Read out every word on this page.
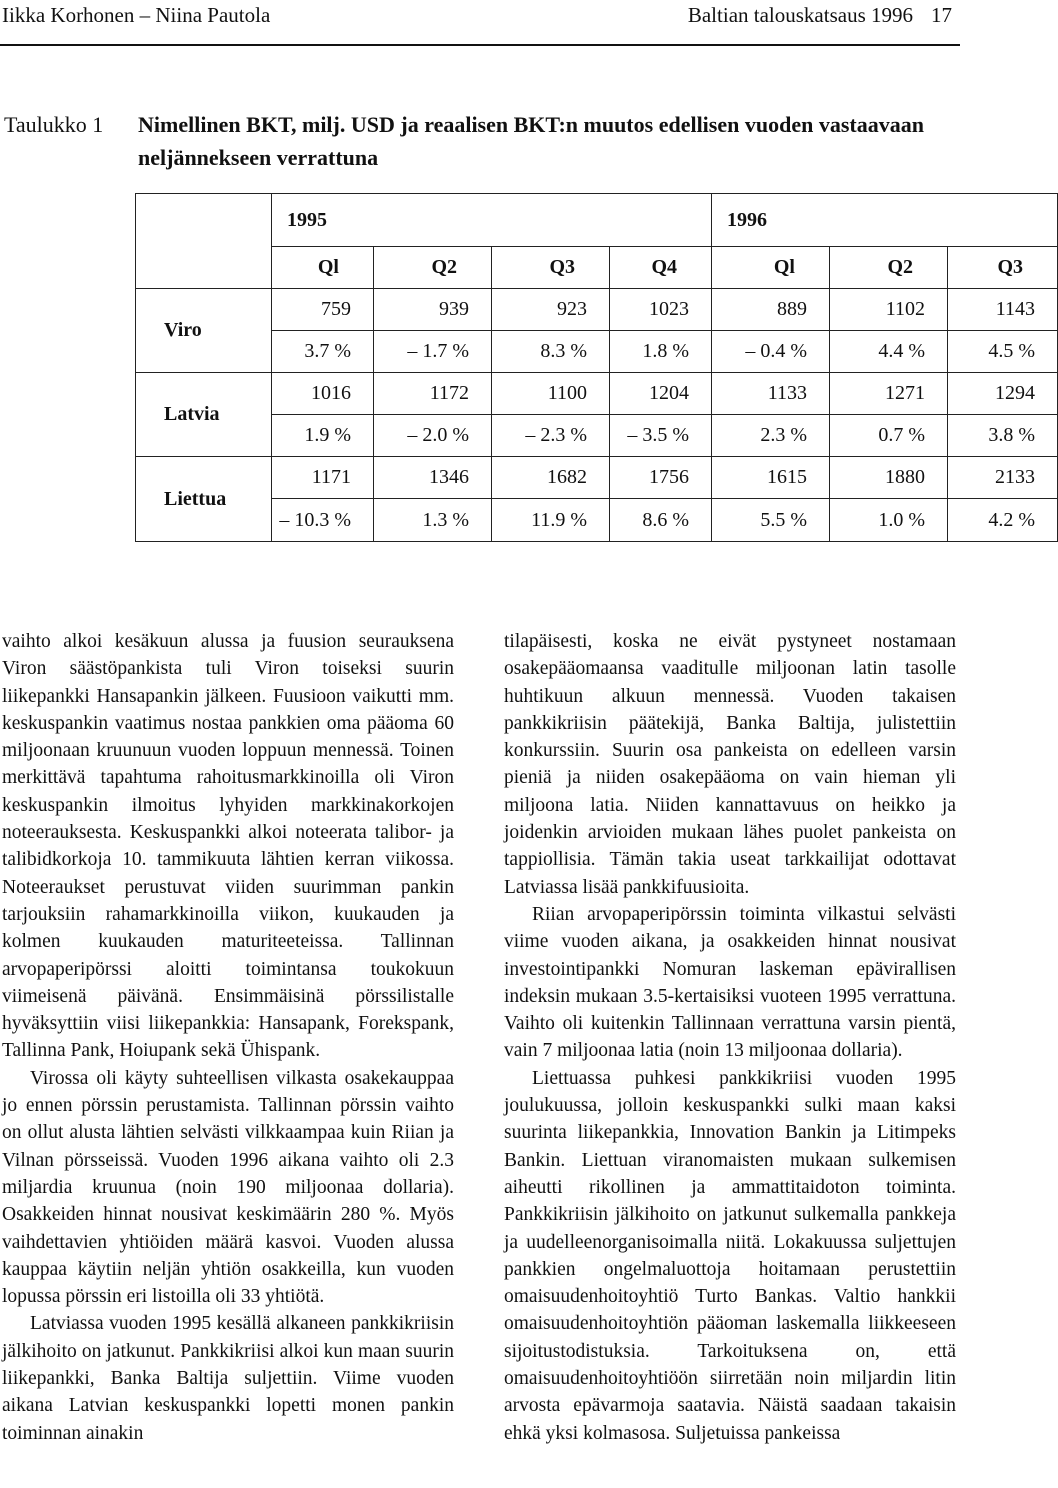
Iikka Korhonen – Niina Pautola	Baltian talouskatsaus 1996 17
Taulukko 1 Nimellinen BKT, milj. USD ja reaalisen BKT:n muutos edellisen vuoden vastaavaan neljännekseen verrattuna
	1995				1996		
	Ql	Q2	Q3	Q4	Ql	Q2	Q3
Viro	759	939	923	1023	889	1102	1143
	3.7 %	– 1.7 %	8.3 %	1.8 %	– 0.4 %	4.4 %	4.5 %
Latvia	1016	1172	1100	1204	1133	1271	1294
	1.9 %	– 2.0 %	– 2.3 %	– 3.5 %	2.3 %	0.7 %	3.8 %
Liettua	1171	1346	1682	1756	1615	1880	2133
	– 10.3 %	1.3 %	11.9 %	8.6 %	5.5 %	1.0 %	4.2 %

vaihto alkoi kesäkuun alussa ja fuusion seurauksena Viron säästöpankista tuli Viron toiseksi suurin liikepankki Hansapankin jälkeen. Fuusioon vaikutti mm. keskuspankin vaatimus nostaa pankkien oma pääoma 60 miljoonaan kruunuun vuoden loppuun mennessä. Toinen merkittävä tapahtuma rahoitusmarkkinoilla oli Viron keskuspankin ilmoitus lyhyiden markkinakorkojen noteerauksesta. Keskuspankki alkoi noteerata talibor- ja talibidkorkoja 10. tammikuuta lähtien kerran viikossa. Noteeraukset perustuvat viiden suurimman pankin tarjouksiin rahamarkkinoilla viikon, kuukauden ja kolmen kuukauden maturiteeteissa. Tallinnan arvopaperipörssi aloitti toimintansa toukokuun viimeisenä päivänä. Ensimmäisinä pörssilistalle hyväksyttiin viisi liikepankkia: Hansapank, Forekspank, Tallinna Pank, Hoiupank sekä Ühispank.

Virossa oli käyty suhteellisen vilkasta osakekauppaa jo ennen pörssin perustamista. Tallinnan pörssin vaihto on ollut alusta lähtien selvästi vilkkaampaa kuin Riian ja Vilnan pörsseissä. Vuoden 1996 aikana vaihto oli 2.3 miljardia kruunua (noin 190 miljoonaa dollaria). Osakkeiden hinnat nousivat keskimäärin 280 %. Myös vaihdettavien yhtiöiden määrä kasvoi. Vuoden alussa kauppaa käytiin neljän yhtiön osakkeilla, kun vuoden lopussa pörssin eri listoilla oli 33 yhtiötä.

Latviassa vuoden 1995 kesällä alkaneen pankkikriisin jälkihoito on jatkunut. Pankkikriisi alkoi kun maan suurin liikepankki, Banka Baltija suljettiin. Viime vuoden aikana Latvian keskuspankki lopetti monen pankin toiminnan ainakin

tilapäisesti, koska ne eivät pystyneet nostamaan osakepääomaansa vaaditulle miljoonan latin tasolle huhtikuun alkuun mennessä. Vuoden takaisen pankkikriisin päätekijä, Banka Baltija, julistettiin konkurssiin. Suurin osa pankeista on edelleen varsin pieniä ja niiden osakepääoma on vain hieman yli miljoona latia. Niiden kannattavuus on heikko ja joidenkin arvioiden mukaan lähes puolet pankeista on tappiollisia. Tämän takia useat tarkkailijat odottavat Latviassa lisää pankkifuusioita.

Riian arvopaperipörssin toiminta vilkastui selvästi viime vuoden aikana, ja osakkeiden hinnat nousivat investointipankki Nomuran laskeman epävirallisen indeksin mukaan 3.5-kertaisiksi vuoteen 1995 verrattuna. Vaihto oli kuitenkin Tallinnaan verrattuna varsin pientä, vain 7 miljoonaa latia (noin 13 miljoonaa dollaria).

Liettuassa puhkesi pankkikriisi vuoden 1995 joulukuussa, jolloin keskuspankki sulki maan kaksi suurinta liikepankkia, Innovation Bankin ja Litimpeks Bankin. Liettuan viranomaisten mukaan sulkemisen aiheutti rikollinen ja ammattitaidoton toiminta. Pankkikriisin jälkihoito on jatkunut sulkemalla pankkeja ja uudelleenorganisoimalla niitä. Lokakuussa suljettujen pankkien ongelmaluottoja hoitamaan perustettiin omaisuudenhoitoyhtiö Turto Bankas. Valtio hankkii omaisuudenhoitoyhtiön pääoman laskemalla liikkeeseen sijoitustodistuksia. Tarkoituksena on, että omaisuudenhoitoyhtiöön siirretään noin miljardin litin arvosta epävarmoja saatavia. Näistä saadaan takaisin ehkä yksi kolmasosa. Suljetuissa pankeissa
